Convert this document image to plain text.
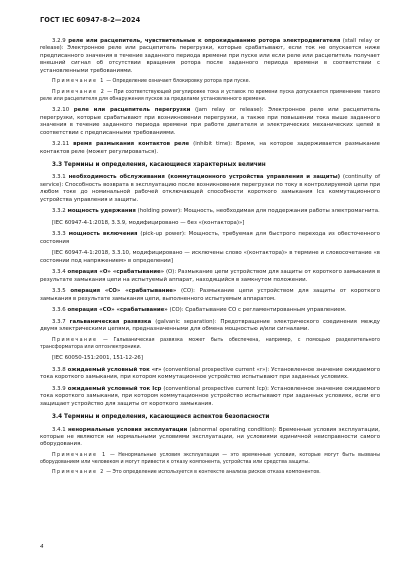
ГОСТ IEC 60947-8-2—2024

3.2.9 реле или расцепитель, чувствительные к опрокидыванию ротора электродвигателя (stall relay or release): Электронное реле или расцепитель перегрузки, которые срабатывают, если ток не опускается ниже предписанного значения в течение заданного периода времени при пуске или если реле или расцепитель получает внешний сигнал об отсутствии вращения ротора после заданного периода времени в соответствии с установленными требованиями.

Примечание 1 — Определение означает блокировку ротора при пуске.

Примечание 2 — При соответствующей регулировке тока и уставок по времени пуска допускается применение такого реле или расцепителя для обнаружения пусков за пределами установленного времени.

3.2.10 реле или расцепитель перегрузки (jam relay or release): Электронное реле или расцепитель перегрузки, которые срабатывают при возникновении перегрузки, а также при повышении тока выше заданного значения в течение заданного периода времени при работе двигателя и электрических механических цепей в соответствии с предписанными требованиями.

3.2.11 время размыкания контактов реле (inhibit time): Время, на которое задерживается размыкание контактов реле (может регулироваться).

3.3 Термины и определения, касающиеся характерных величин

3.3.1 необходимость обслуживания (коммутационного устройства управления и защиты) (continuity of service): Способность возврата в эксплуатацию после возникновения перегрузки по току в контролируемой цепи при любом токе до номинальной рабочей отключающей способности короткого замыкания Іcs коммутационного устройства управления и защиты.

3.3.2 мощность удержания (holding power): Мощность, необходимая для поддержания работы электромагнита.

[IEC 60947-4-1:2018, 3.3.9, модифицировано — без «(контактора)»]

3.3.3 мощность включения (pick-up power): Мощность, требуемая для быстрого перехода из обесточенного состояния

[IEC 60947-4-1:2018, 3.3.10, модифицировано — исключены слово «(контактора)» в термине и словосочетание «в состоянии под напряжением» в определении]

3.3.4 операция «O» «срабатывание» (O): Размыкание цепи устройством для защиты от короткого замыкания в результате замыкания цепи на испытуемый аппарат, находящийся в замкнутом положении.

3.3.5 операция «CO» «срабатывание» (CO): Размыкание цепи устройством для защиты от короткого замыкания в результате замыкания цепи, выполненного испытуемым аппаратом.

3.3.6 операция «CO» «срабатывание» (CO): Срабатывание CO с регламентированным управлением.

3.3.7 гальваническая развязка (galvanic separation): Предотвращение электрического соединения между двумя электрическими цепями, предназначенными для обмена мощностью и/или сигналами.

Примечание — Гальваническая развязка может быть обеспечена, например, с помощью разделительного трансформатора или оптоэлектроники.

[IEC 60050-151:2001, 151-12-26]

3.3.8 ожидаемый условный ток «r» (conventional prospective current «r»): Установленное значение ожидаемого тока короткого замыкания, при котором коммутационное устройство испытывают при заданных условиях.

3.3.9 ожидаемый условный ток Іcp (conventional prospective current Іcp): Установленное значение ожидаемого тока короткого замыкания, при котором коммутационное устройство испытывают при заданных условиях, если его защищает устройство для защиты от короткого замыкания.

3.4 Термины и определения, касающиеся аспектов безопасности

3.4.1 ненормальные условия эксплуатации (abnormal operating condition): Временные условия эксплуатации, которые не являются ни нормальными условиями эксплуатации, ни условиями единичной неисправности самого оборудования.

Примечание 1 — Ненормальные условия эксплуатации — это временные условия, которые могут быть вызваны оборудованием или человеком и могут привести к отказу компонента, устройства или средства защиты.

Примечание 2 — Это определение используется в контексте анализа рисков отказа компонентов.

4
